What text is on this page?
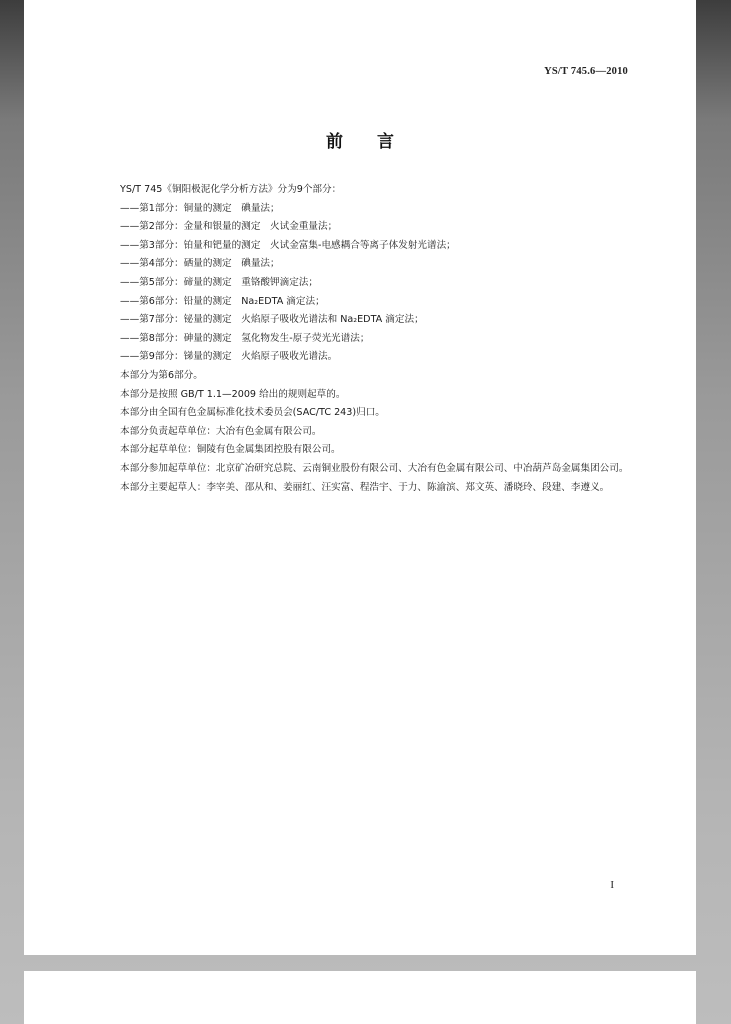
YS/T 745.6—2010
前言
YS/T 745《铜阳极泥化学分析方法》分为9个部分：
——第1部分：铜量的测定　碘量法；
——第2部分：金量和银量的测定　火试金重量法；
——第3部分：铂量和钯量的测定　火试金富集-电感耦合等离子体发射光谱法；
——第4部分：硒量的测定　碘量法；
——第5部分：碲量的测定　重铬酸钾滴定法；
——第6部分：铅量的测定　Na₂EDTA 滴定法；
——第7部分：铋量的测定　火焰原子吸收光谱法和 Na₂EDTA 滴定法；
——第8部分：砷量的测定　氢化物发生-原子荧光光谱法；
——第9部分：锑量的测定　火焰原子吸收光谱法。
本部分为第6部分。
本部分是按照 GB/T 1.1—2009 给出的规则起草的。
本部分由全国有色金属标准化技术委员会(SAC/TC 243)归口。
本部分负责起草单位：大冶有色金属有限公司。
本部分起草单位：铜陵有色金属集团控股有限公司。
本部分参加起草单位：北京矿冶研究总院、云南铜业股份有限公司、大冶有色金属有限公司、中冶葫芦岛金属集团公司。
本部分主要起草人：李宰美、邵从和、姜丽红、汪实富、程浩宇、于力、陈渝滨、郑文英、潘晓玲、段建、李遵义。
I
